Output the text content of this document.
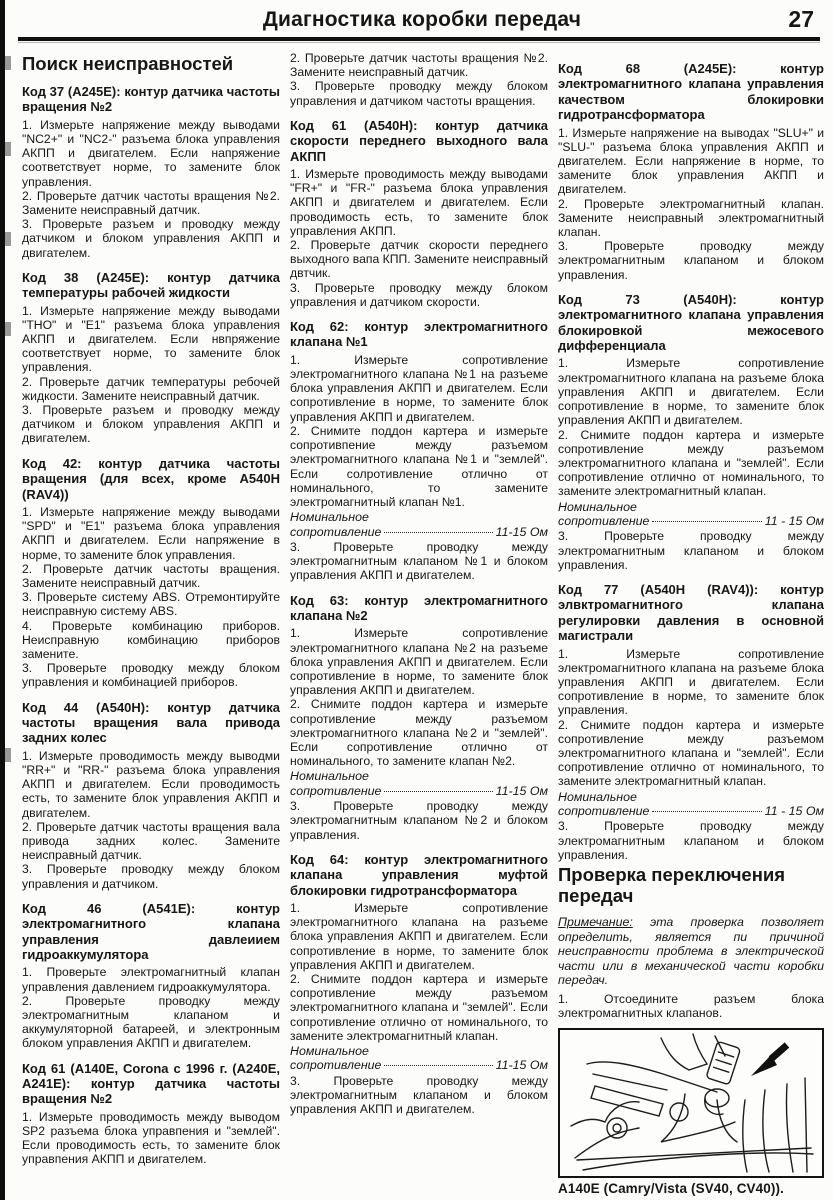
Диагностика коробки передач	27
Поиск неисправностей
Код 37 (А245Е): контур датчика частоты вращения №2

1. Измерьте напряжение между выводами "NC2+" и "NC2-" разъема блока управления АКПП и двигателем. Если напряжение соответствует норме, то замените блок управления.

2. Проверьте датчик частоты вращения №2. Замените неисправный датчик.

3. Проверьте разъем и проводку между датчиком и блоком управления АКПП и двигателем.

Код 38 (А245Е): контур датчика температуры рабочей жидкости

1. Измерьте напряжение между выводами "THO" и "E1" разъема блока управления АКПП и двигателем. Если нвпряжение соответствует норме, то замените блок управления.

2. Проверьте датчик температуры ребочей жидкости. Замените неисправный датчик.

3. Проверьте разъем и проводку между датчиком и блоком управления АКПП и двигателем.

Код 42: контур датчика частоты вращения (для всех, кроме А540Н (RAV4))

1. Измерьте напряжение между выводами "SPD" и "E1" разъема блока управления АКПП и двигателем. Если напряжение в норме, то замените блок управления.

2. Проверьте датчик частоты вращения. Замените неисправный датчик.

3. Проверьте систему ABS. Отремонтируйте неисправную систему ABS.

4. Проверьте комбинацию приборов. Неисправную комбинацию приборов замените.

3. Проверьте проводку между блоком управления и комбинацией приборов.

Код 44 (А540Н): контур датчика частоты вращения вала привода задних колес

1. Измерьте проводимость между выводми "RR+" и "RR-" разъема блока управления АКПП и двигателем. Если проводимость есть, то замените блок управления АКПП и двигателем.

2. Проверьте датчик частоты вращения вала привода задних колес. Замените неисправный датчик.

3. Проверьте проводку между блоком управления и датчиком.

Код 46 (А541Е): контур электромагнитного клапана управления давлеиием гидроаккумулятора

1. Проверьте электромагнитный клапан управления давлением гидроаккумулятора.

2. Проверьте проводку между электромагнитным клапаном и аккумуляторной батареей, и электронным блоком управления АКПП и двигателем.

Код 61 (А140Е, Corona с 1996 г. (А240Е, А241Е): контур датчика частоты вращения №2

1. Измерьте проводимость между выводом SP2 разъема блока управпения и "землей". Если проводимость есть, то замените блок управпения АКПП и двигателем.

2. Проверьте датчик частоты вращения №2. Замените неисправный датчик.

3. Проверьте проводку между блоком управления и датчиком частоты вращения.

Код 61 (А540Н): контур датчика скорости переднего выходного вала АКПП

1. Измерьте проводимость между выводами "FR+" и "FR-" разъема блока управления АКПП и двигателем и двигателем. Если проводимость есть, то замените блок управления АКПП.

2. Проверьте датчик скорости переднего выходного вапа КПП. Замените неисправный двтчик.

3. Проверьте проводку между блоком управления и датчиком скорости.

Код 62: контур электромагнитного клапана №1

1. Измерьте сопротивление электромагнитного клапана №1 на разъеме блока управления АКПП и двигателем. Если сопротивление в норме, то замените блок управления АКПП и двигателем.

2. Снимите поддон картера и измерьте сопротивпение между разъемом электромагнитного клапана №1 и "землей". Если солротивление отлично от номинального, то замените электромагнитный клапан №1.

Номинальное
сопротивление	11-15 Ом

3. Проверьте проводку между электромагнитным клапаном №1 и блоком управления АКПП и двигателем.

Код 63: контур электромагнитного клапана №2

1. Измерьте сопротивление электромагнитного клапана №2 на разъеме блока управления АКПП и двигателем. Если сопротивление в норме, то замените блок управления АКПП и двигателем.

2. Снимите поддон картера и измерьте сопротивление между разъемом электромагнитного клапана №2 и "землей". Если сопротивление отлично от номинального, то замените клапан №2.

Номинальное
сопротивление	11-15 Ом

3. Проверьте проводку между электромагнитным клапаном №2 и блоком управления.

Код 64: контур электромагнитного клапана управления муфтой блокировки гидротрансформатора

1. Измерьте сопротивление электромагнитного клапана на разъеме блока управления АКПП и двигателем. Если сопротивление в норме, то замените блок управления АКПП и двигателем.

2. Снимите поддон картера и измерьте сопротивление между разъемом электромагнитного клапана и "землей". Если сопротивление отлично от номинального, то замените электромагнитный клапан.

Номинальное
сопротивление	11-15 Ом

3. Проверьте проводку между электромагнитным клапаном и блоком управления АКПП и двигателем.

Код 68 (А245Е): контур электромагнитного клапана управления качеством блокировки гидротрансформатора

1. Измерьте напряжение на выводах "SLU+" и "SLU-" разъема блока управления АКПП и двигателем. Если напряжение в норме, то замените блок управления АКПП и двигателем.

2. Проверьте электромагнитный клапан. Замените неисправный электромагнитный клапан.

3. Проверьте проводку между электромагнитным клапаном и блоком управления.

Код 73 (А540Н): контур электромагнитного клапана управления блокировкой межосевого дифференциала

1. Измерьте сопротивление электромагнитного клапана на разъеме блока управления АКПП и двигателем. Если сопротивление в норме, то замените блок управления АКПП и двигателем.

2. Снимите поддон картера и измерьте сопротивление между разъемом электромагнитного клапана и "землей". Если сопротивление отлично от номинального, то замените электромагнитный клапан.

Номинальное
сопротивление	11 - 15 Ом

3. Проверьте проводку между электромагнитным клапаном и блоком управления.

Код 77 (А540Н (RAV4)): контур элвктромагнитного клапана регулировки давления в основной магистрали

1. Измерьте сопротивление электромагнитного клапана на разъеме блока управления АКПП и двигателем. Если сопротивление в норме, то замените блок управления.

2. Снимите поддон картера и измерьте сопротивление между разъемом электромагнитного клапана и "землей". Если сопротивление отлично от номинального, то замените электромагнитный клапан.

Номинальное
сопротивление	11 - 15 Ом

3. Проверьте проводку между электромагнитным клапаном и блоком управления.

Проверка переключения передач

Примечание: эта проверка позволяет определить, является пи причиной неисправности проблема в электрической части или в механической части коробки передач.

1. Отсоедините разъем блока электромагнитных клапанов.

A140E (Camry/Vista (SV40, CV40)).
